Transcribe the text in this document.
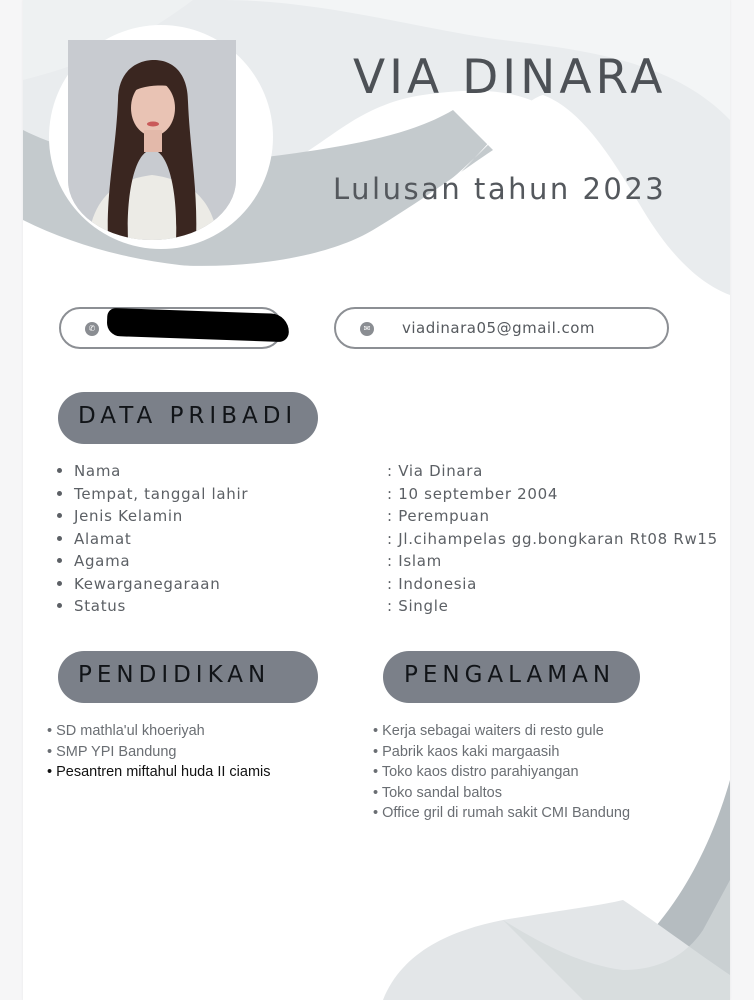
VIA DINARA
Lulusan tahun 2023
✆	✉ viadinara05@gmail.com
DATA PRIBADI
Nama	: Via Dinara
Tempat, tanggal lahir	: 10 september 2004
Jenis Kelamin	: Perempuan
Alamat	: Jl.cihampelas gg.bongkaran Rt08 Rw15
Agama	: Islam
Kewarganegaraan	: Indonesia
Status	: Single
PENDIDIKAN
• SD mathla'ul khoeriyah
• SMP YPI Bandung
• Pesantren miftahul huda II ciamis
PENGALAMAN
• Kerja sebagai waiters di resto gule
• Pabrik kaos kaki margaasih
• Toko kaos distro parahiyangan
• Toko sandal baltos
• Office gril di rumah sakit CMI Bandung
